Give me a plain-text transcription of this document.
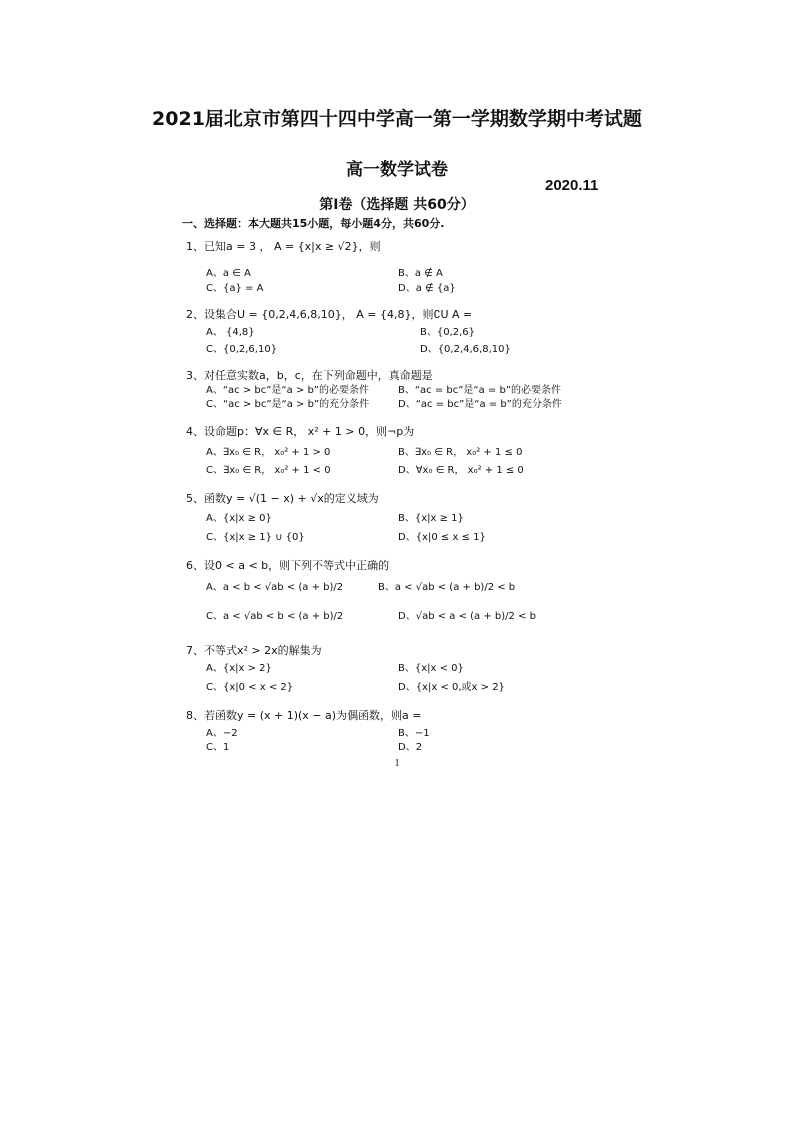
2021届北京市第四十四中学高一第一学期数学期中考试题
高一数学试卷
2020.11
第Ⅰ卷（选择题 共60分）
一、选择题：本大题共15小题，每小题4分，共60分.
1、已知a = 3 ， A = {x|x ≥ √2}，则
A、a ∈ A	B、a ∉ A
C、{a} = A	D、a ∉ {a}
2、设集合U = {0,2,4,6,8,10}， A = {4,8}，则∁U A =
A、 {4,8}	B、{0,2,6}
C、{0,2,6,10}	D、{0,2,4,6,8,10}
3、对任意实数a，b，c，在下列命题中，真命题是
A、“ac > bc”是“a > b”的必要条件	B、“ac = bc”是“a = b”的必要条件
C、“ac > bc”是“a > b”的充分条件	D、“ac = bc”是“a = b”的充分条件
4、设命题p：∀x ∈ R， x² + 1 > 0，则¬p为
A、∃x₀ ∈ R， x₀² + 1 > 0	B、∃x₀ ∈ R， x₀² + 1 ≤ 0
C、∃x₀ ∈ R， x₀² + 1 < 0	D、∀x₀ ∈ R， x₀² + 1 ≤ 0
5、函数y = √(1 − x) + √x的定义域为
A、{x|x ≥ 0}	B、{x|x ≥ 1}
C、{x|x ≥ 1} ∪ {0}	D、{x|0 ≤ x ≤ 1}
6、设0 < a < b，则下列不等式中正确的
A、a < b < √ab < (a + b)/2	B、a < √ab < (a + b)/2 < b
C、a < √ab < b < (a + b)/2	D、√ab < a < (a + b)/2 < b
7、不等式x² > 2x的解集为
A、{x|x > 2}	B、{x|x < 0}
C、{x|0 < x < 2}	D、{x|x < 0,或x > 2}
8、若函数y = (x + 1)(x − a)为偶函数，则a =
A、−2	B、−1
C、1	D、2
1
